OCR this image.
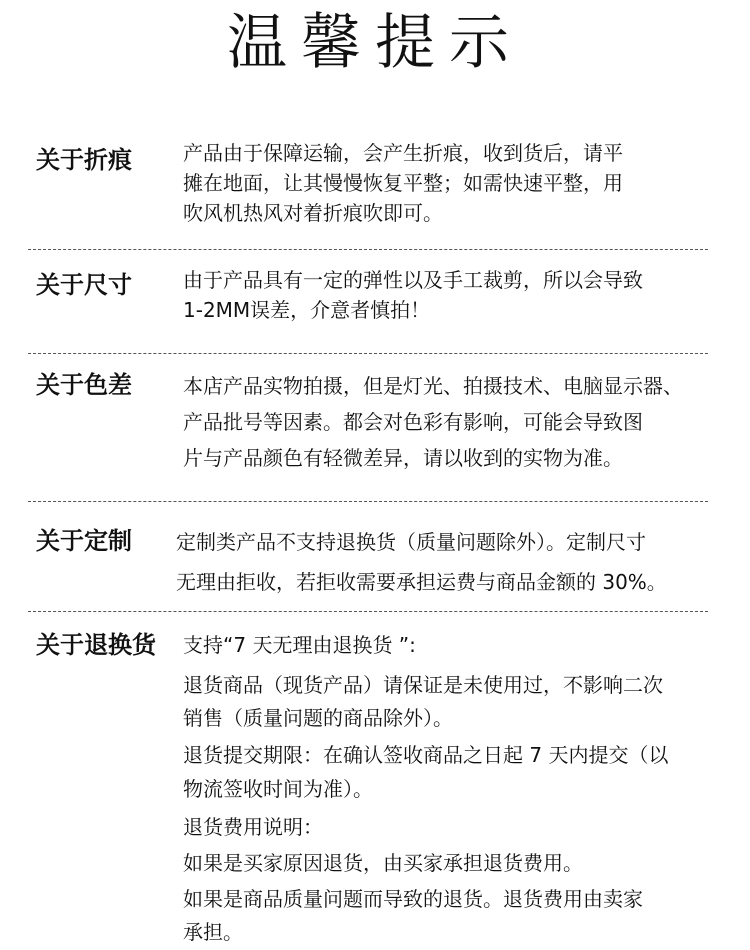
温馨提示
关于折痕	产品由于保障运输，会产生折痕，收到货后，请平
摊在地面，让其慢慢恢复平整；如需快速平整，用
吹风机热风对着折痕吹即可。
关于尺寸	由于产品具有一定的弹性以及手工裁剪，所以会导致
1-2MM误差，介意者慎拍！
关于色差	本店产品实物拍摄，但是灯光、拍摄技术、电脑显示器、
产品批号等因素。都会对色彩有影响，可能会导致图
片与产品颜色有轻微差异，请以收到的实物为准。
关于定制 定制类产品不支持退换货（质量问题除外）。定制尺寸
无理由拒收，若拒收需要承担运费与商品金额的 30%。
关于退换货 支持“7 天无理由退换货 ”:
退货商品（现货产品）请保证是未使用过，不影响二次
销售（质量问题的商品除外）。
退货提交期限：在确认签收商品之日起 7 天内提交（以
物流签收时间为准）。
退货费用说明：
如果是买家原因退货，由买家承担退货费用。
如果是商品质量问题而导致的退货。退货费用由卖家
承担。
